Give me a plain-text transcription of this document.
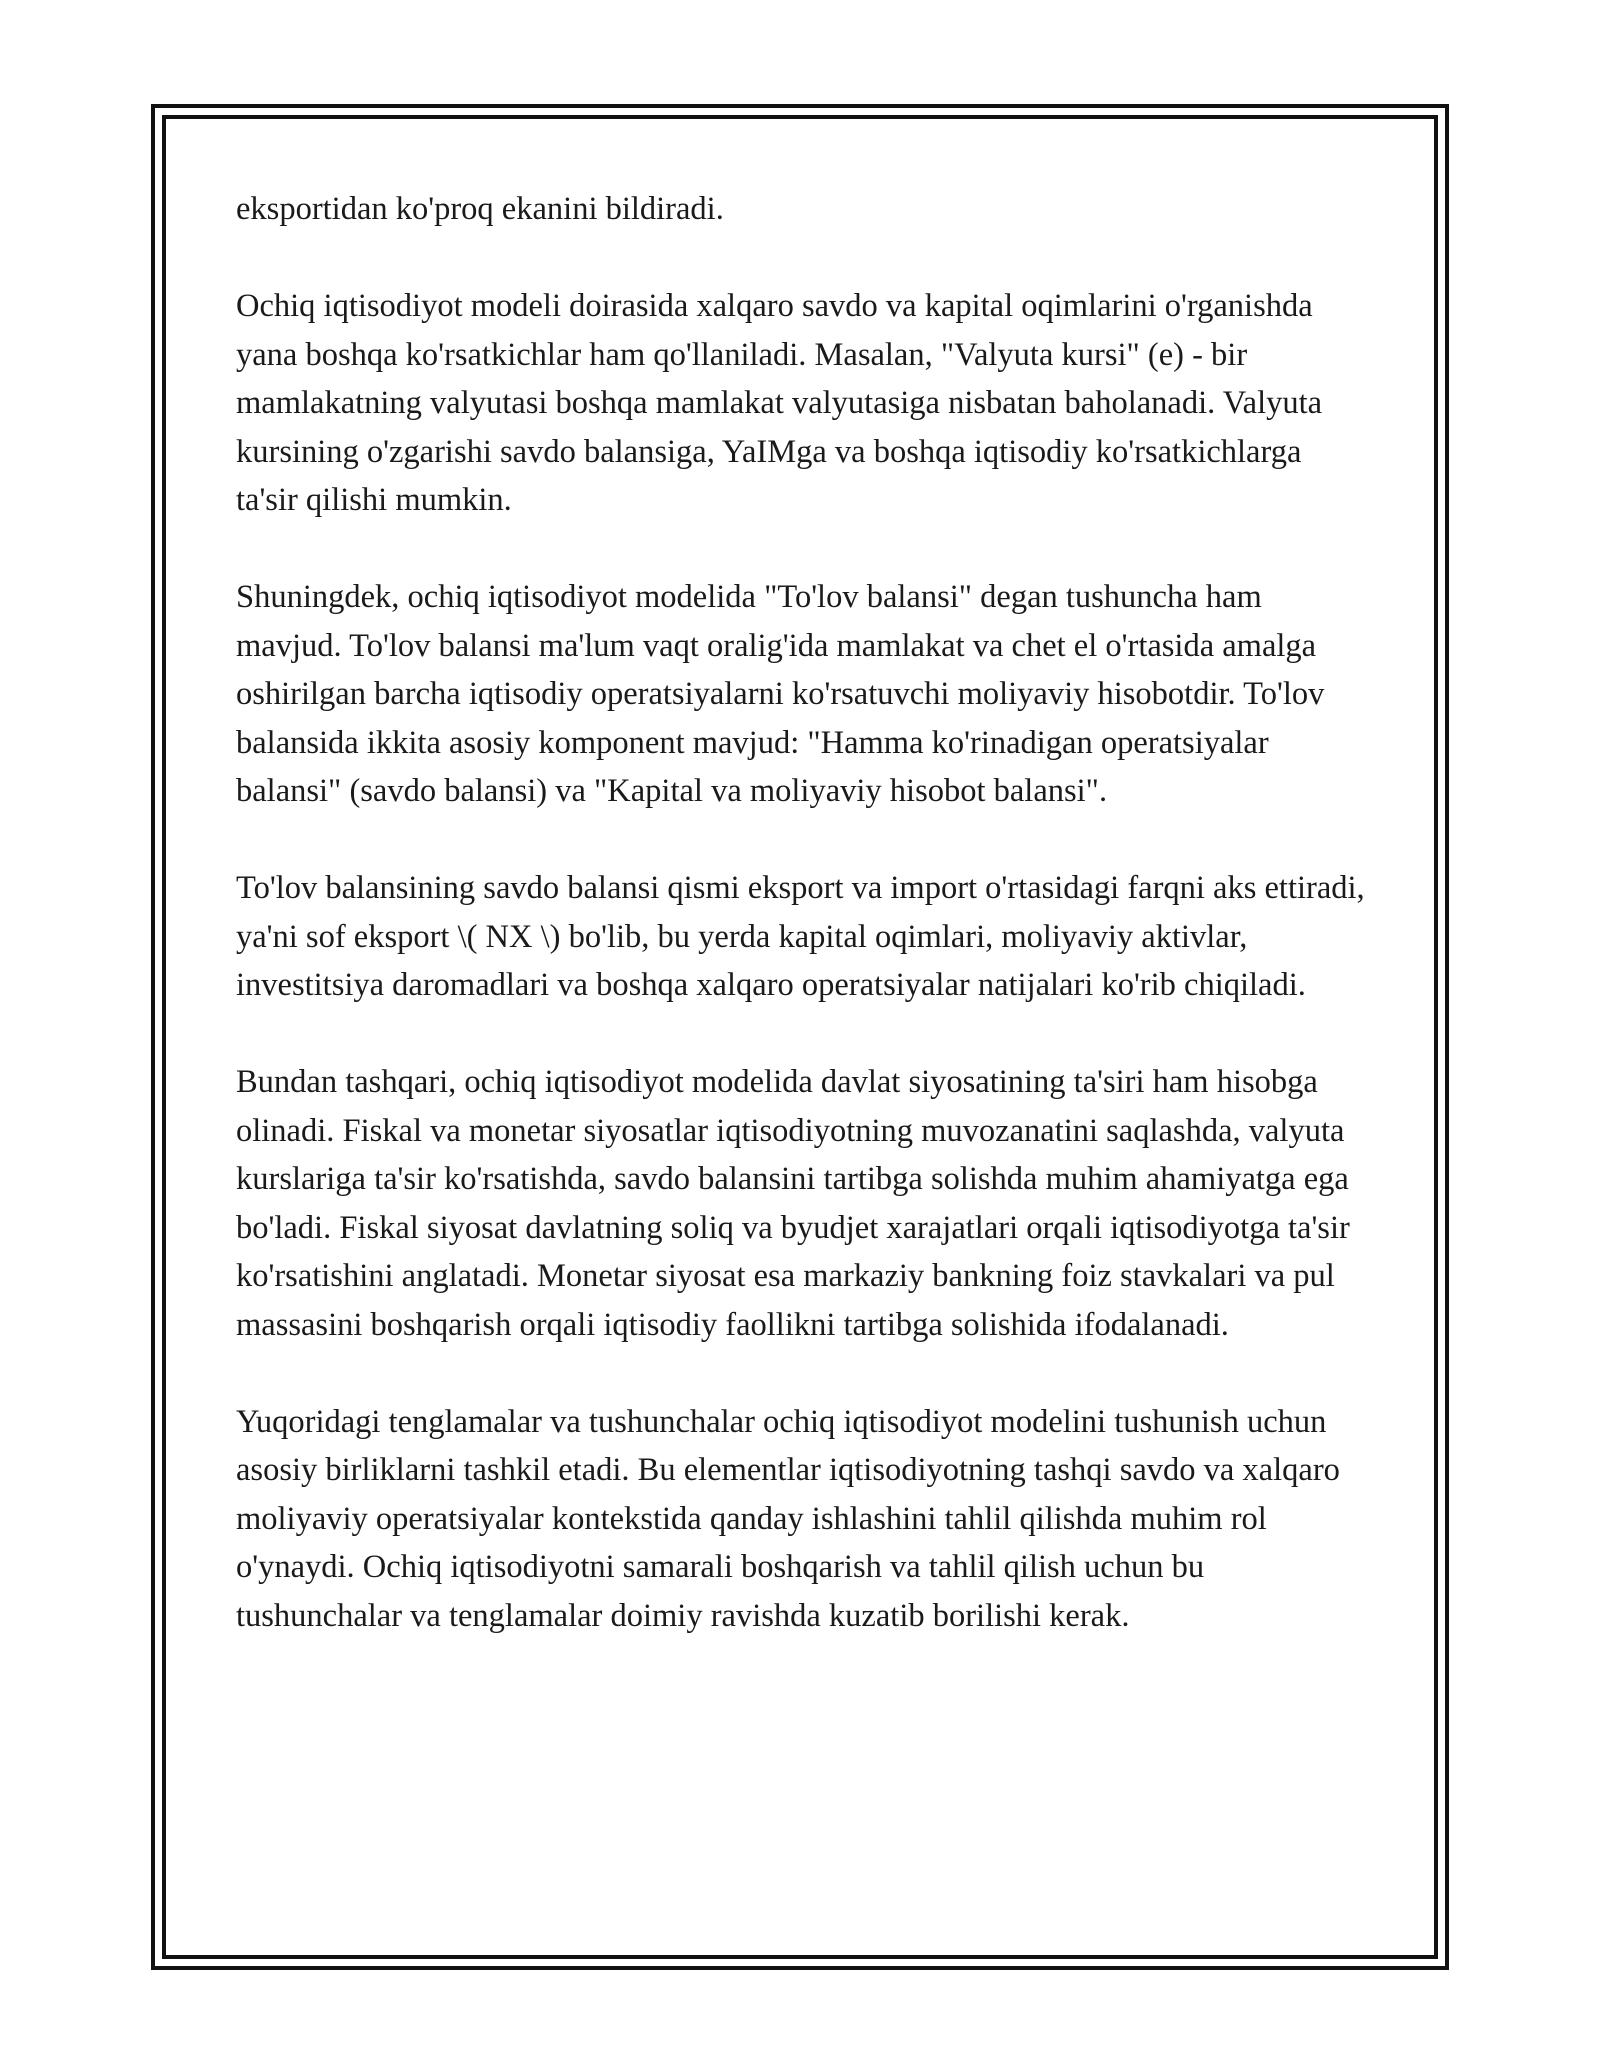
eksportidan ko'proq ekanini bildiradi.

Ochiq iqtisodiyot modeli doirasida xalqaro savdo va kapital oqimlarini o'rganishda yana boshqa ko'rsatkichlar ham qo'llaniladi. Masalan, "Valyuta kursi" (e) - bir mamlakatning valyutasi boshqa mamlakat valyutasiga nisbatan baholanadi. Valyuta kursining o'zgarishi savdo balansiga, YaIMga va boshqa iqtisodiy ko'rsatkichlarga ta'sir qilishi mumkin.

Shuningdek, ochiq iqtisodiyot modelida "To'lov balansi" degan tushuncha ham mavjud. To'lov balansi ma'lum vaqt oralig'ida mamlakat va chet el o'rtasida amalga oshirilgan barcha iqtisodiy operatsiyalarni ko'rsatuvchi moliyaviy hisobotdir. To'lov balansida ikkita asosiy komponent mavjud: "Hamma ko'rinadigan operatsiyalar balansi" (savdo balansi) va "Kapital va moliyaviy hisobot balansi".

To'lov balansining savdo balansi qismi eksport va import o'rtasidagi farqni aks ettiradi, ya'ni sof eksport \( NX \) bo'lib, bu yerda kapital oqimlari, moliyaviy aktivlar, investitsiya daromadlari va boshqa xalqaro operatsiyalar natijalari ko'rib chiqiladi.

Bundan tashqari, ochiq iqtisodiyot modelida davlat siyosatining ta'siri ham hisobga olinadi. Fiskal va monetar siyosatlar iqtisodiyotning muvozanatini saqlashda, valyuta kurslariga ta'sir ko'rsatishda, savdo balansini tartibga solishda muhim ahamiyatga ega bo'ladi. Fiskal siyosat davlatning soliq va byudjet xarajatlari orqali iqtisodiyotga ta'sir ko'rsatishini anglatadi. Monetar siyosat esa markaziy bankning foiz stavkalari va pul massasini boshqarish orqali iqtisodiy faollikni tartibga solishida ifodalanadi.

Yuqoridagi tenglamalar va tushunchalar ochiq iqtisodiyot modelini tushunish uchun asosiy birliklarni tashkil etadi. Bu elementlar iqtisodiyotning tashqi savdo va xalqaro moliyaviy operatsiyalar kontekstida qanday ishlashini tahlil qilishda muhim rol o'ynaydi. Ochiq iqtisodiyotni samarali boshqarish va tahlil qilish uchun bu tushunchalar va tenglamalar doimiy ravishda kuzatib borilishi kerak.
